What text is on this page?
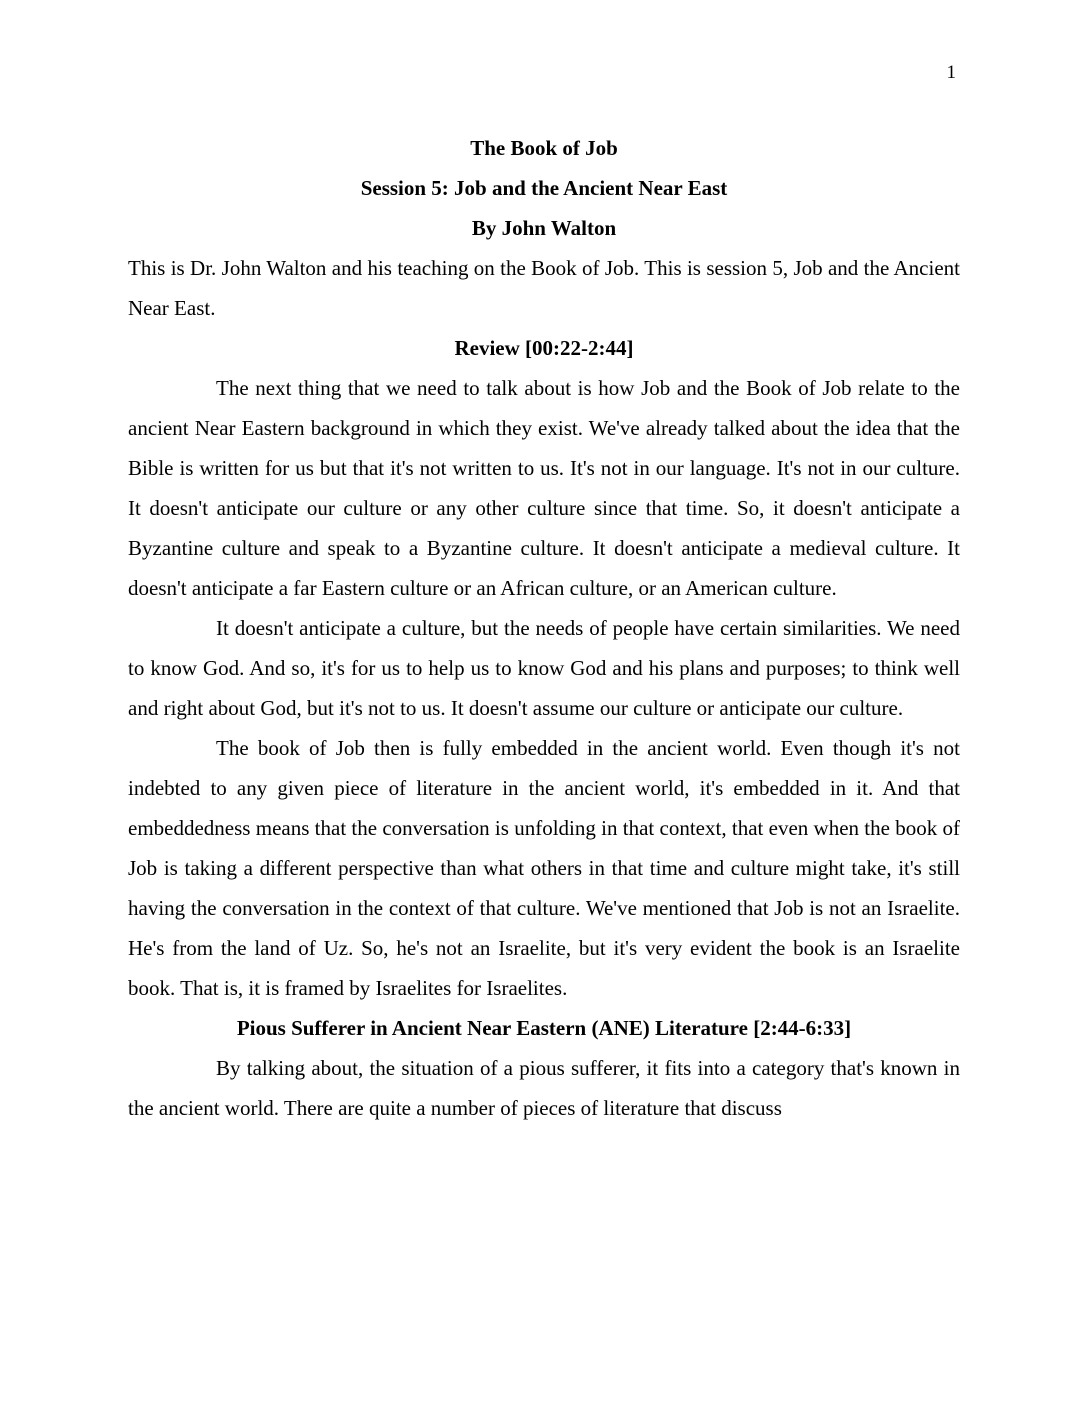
1
The Book of Job
Session 5: Job and the Ancient Near East
By John Walton

This is Dr. John Walton and his teaching on the Book of Job. This is session 5, Job and the Ancient Near East.

Review [00:22-2:44]

The next thing that we need to talk about is how Job and the Book of Job relate to the ancient Near Eastern background in which they exist. We've already talked about the idea that the Bible is written for us but that it's not written to us. It's not in our language. It's not in our culture. It doesn't anticipate our culture or any other culture since that time. So, it doesn't anticipate a Byzantine culture and speak to a Byzantine culture. It doesn't anticipate a medieval culture. It doesn't anticipate a far Eastern culture or an African culture, or an American culture.

It doesn't anticipate a culture, but the needs of people have certain similarities. We need to know God. And so, it's for us to help us to know God and his plans and purposes; to think well and right about God, but it's not to us. It doesn't assume our culture or anticipate our culture.

The book of Job then is fully embedded in the ancient world. Even though it's not indebted to any given piece of literature in the ancient world, it's embedded in it. And that embeddedness means that the conversation is unfolding in that context, that even when the book of Job is taking a different perspective than what others in that time and culture might take, it's still having the conversation in the context of that culture. We've mentioned that Job is not an Israelite. He's from the land of Uz. So, he's not an Israelite, but it's very evident the book is an Israelite book. That is, it is framed by Israelites for Israelites.

Pious Sufferer in Ancient Near Eastern (ANE) Literature [2:44-6:33]

By talking about, the situation of a pious sufferer, it fits into a category that's known in the ancient world. There are quite a number of pieces of literature that discuss
